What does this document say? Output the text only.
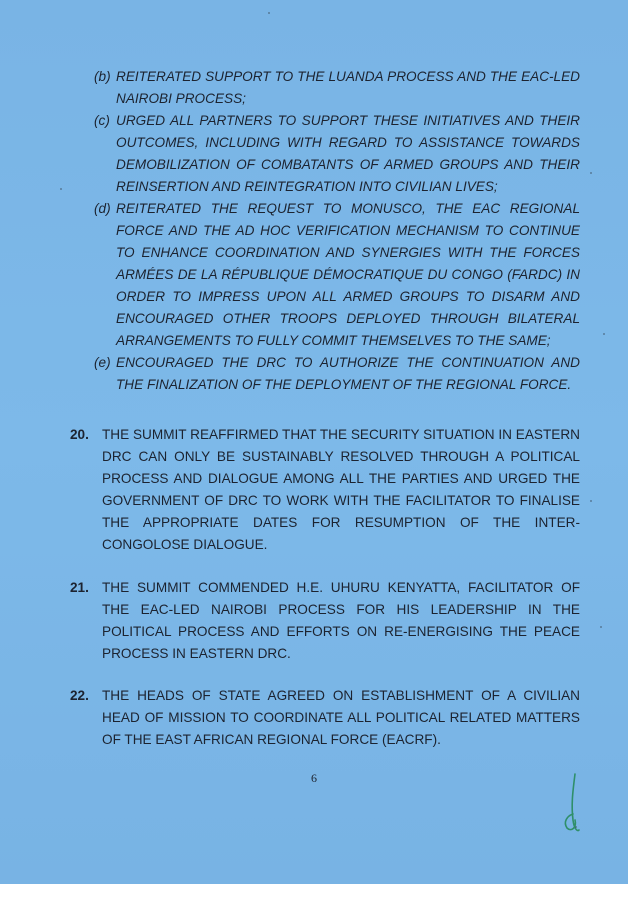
(b) REITERATED SUPPORT TO THE LUANDA PROCESS AND THE EAC-LED NAIROBI PROCESS;
(c) URGED ALL PARTNERS TO SUPPORT THESE INITIATIVES AND THEIR OUTCOMES, INCLUDING WITH REGARD TO ASSISTANCE TOWARDS DEMOBILIZATION OF COMBATANTS OF ARMED GROUPS AND THEIR REINSERTION AND REINTEGRATION INTO CIVILIAN LIVES;
(d) REITERATED THE REQUEST TO MONUSCO, THE EAC REGIONAL FORCE AND THE AD HOC VERIFICATION MECHANISM TO CONTINUE TO ENHANCE COORDINATION AND SYNERGIES WITH THE FORCES ARMÉES DE LA RÉPUBLIQUE DÉMOCRATIQUE DU CONGO (FARDC) IN ORDER TO IMPRESS UPON ALL ARMED GROUPS TO DISARM AND ENCOURAGED OTHER TROOPS DEPLOYED THROUGH BILATERAL ARRANGEMENTS TO FULLY COMMIT THEMSELVES TO THE SAME;
(e) ENCOURAGED THE DRC TO AUTHORIZE THE CONTINUATION AND THE FINALIZATION OF THE DEPLOYMENT OF THE REGIONAL FORCE.
20. THE SUMMIT REAFFIRMED THAT THE SECURITY SITUATION IN EASTERN DRC CAN ONLY BE SUSTAINABLY RESOLVED THROUGH A POLITICAL PROCESS AND DIALOGUE AMONG ALL THE PARTIES AND URGED THE GOVERNMENT OF DRC TO WORK WITH THE FACILITATOR TO FINALISE THE APPROPRIATE DATES FOR RESUMPTION OF THE INTER-CONGOLOSE DIALOGUE.
21. THE SUMMIT COMMENDED H.E. UHURU KENYATTA, FACILITATOR OF THE EAC-LED NAIROBI PROCESS FOR HIS LEADERSHIP IN THE POLITICAL PROCESS AND EFFORTS ON RE-ENERGISING THE PEACE PROCESS IN EASTERN DRC.
22. THE HEADS OF STATE AGREED ON ESTABLISHMENT OF A CIVILIAN HEAD OF MISSION TO COORDINATE ALL POLITICAL RELATED MATTERS OF THE EAST AFRICAN REGIONAL FORCE (EACRF).
6
